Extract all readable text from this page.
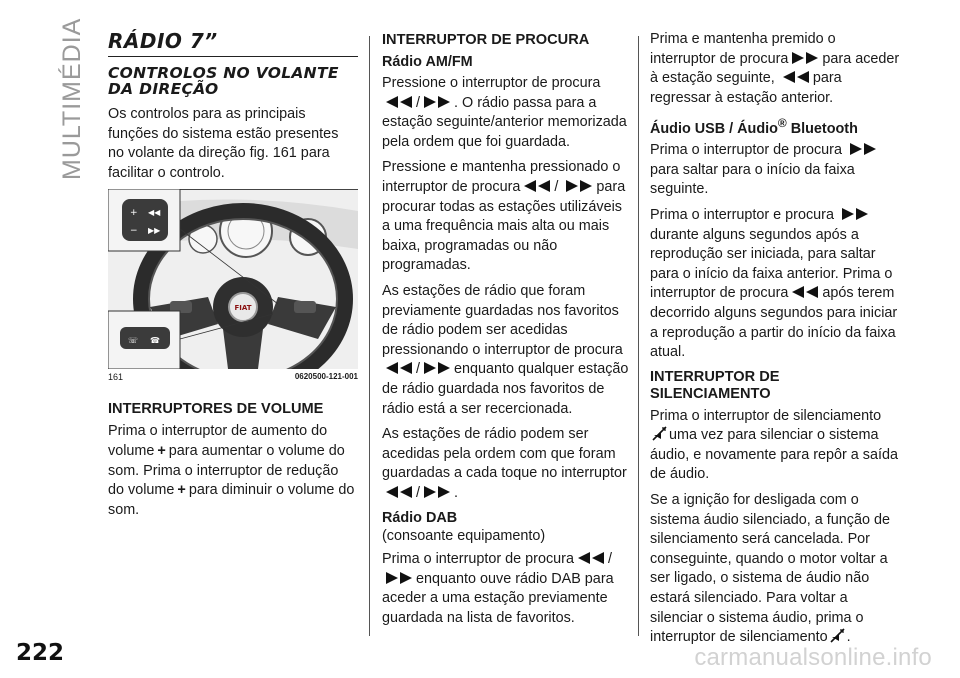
MULTIMÉDIA
222	carmanualsonline.info
RÁDIO 7”
CONTROLOS NO VOLANTE DA DIREÇÃO

Os controlos para as principais funções do sistema estão presentes no volante da direção fig. 161 para facilitar o controlo.

FIAT
+
−
◀◀
▶▶
☏ ☎
161	0620500-121-001
INTERRUPTORES DE VOLUME

Prima o interruptor de aumento do volume + para aumentar o volume do som. Prima o interruptor de redução do volume + para diminuir o volume do som.

INTERRUPTOR DE PROCURA
Rádio AM/FM

Pressione o interruptor de procura
/ . O rádio passa para a estação seguinte/anterior memorizada pela ordem que foi guardada.

Pressione e mantenha pressionado o interruptor de procura /	para procurar todas as estações utilizáveis a uma frequência mais alta ou mais baixa, programadas ou não programadas.

As estações de rádio que foram previamente guardadas nos favoritos de rádio podem ser acedidas pressionando o interruptor de procura
/ enquanto qualquer estação de rádio guardada nos favoritos de rádio está a ser recercionada.

As estações de rádio podem ser acedidas pela ordem com que foram guardadas a cada toque no interruptor
/ .

Rádio DAB
(consoante equipamento)

Prima o interruptor de procura /
enquanto ouve rádio DAB para aceder a uma estação previamente guardada na lista de favoritos.

Prima e mantenha premido o interruptor de procura para aceder à estação seguinte,	para regressar à estação anterior.

Áudio USB / Áudio® Bluetooth

Prima o interruptor de procura
para saltar para o início da faixa seguinte.

Prima o interruptor e procura
durante alguns segundos após a reprodução ser iniciada, para saltar para o início da faixa anterior. Prima o interruptor de procura após terem decorrido alguns segundos para iniciar a reprodução a partir do início da faixa atual.

INTERRUPTOR DE SILENCIAMENTO

Prima o interruptor de silenciamento
uma vez para silenciar o sistema áudio, e novamente para repôr a saída de áudio.

Se a ignição for desligada com o sistema áudio silenciado, a função de silenciamento será cancelada. Por conseguinte, quando o motor voltar a ser ligado, o sistema de áudio não estará silenciado. Para voltar a silenciar o sistema áudio, prima o interruptor de silenciamento .
